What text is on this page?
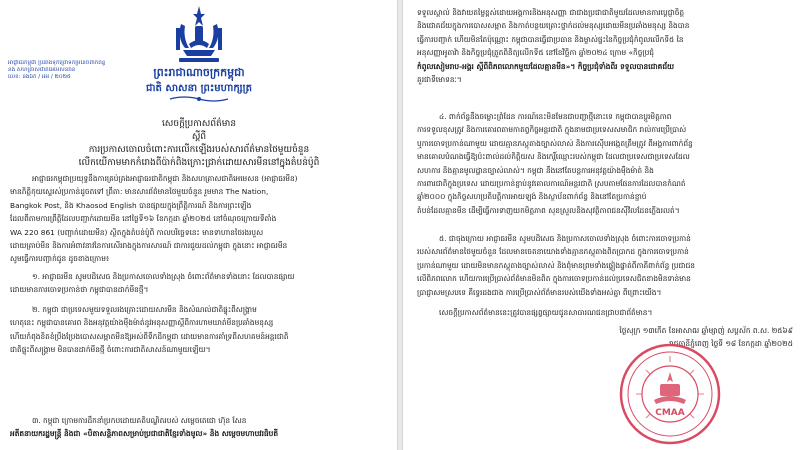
ព្រះរាជាណាចក្រកម្ពុជា
ជាតិ សាសនា ព្រះមហាក្សត្រ
អាជ្ញាធរកម្ពុជា ប្រឆាំងទុកព្រោទកម្រំនៃចំពាក់ព័ន្ធ
និង សហគ្រាសជាតិអេមេសនរាន
លេខ: និងឯក / អអ / ២០២៥
សេចក្តីប្រកាសព័ត៌មាន
ស្តីពី
ការប្រកាសចោលចំពោះការលើកឡើងរបស់សារព័ត៌មានថៃមួយចំនួន
លើកយើកាមមាកកំរោងពីប៉ាក់ពិងក្រោះជ្រាក់ដោយសារមីននៅក្នុងតំបន់ប៉ូពិ
អាជ្ញាធរកម្ពុជាប្រយុទ្ធនឹងការគ្រប់គ្រងអាជ្ញាធរជាតិកម្ពុជា និងសហគ្រាសជាតិអេមេសន (អាជ្ញាធរមីន)
មានភិត្តិកុយស្ទេរស់ប្រកាន់ដូចតទៅ ព្រឹតា: មានសារព័ត៌មានថៃមួយចំនួន រួមមាន The Nation,
Bangkok Post, និង Khaosod English បានផ្សាយក្នុងព្រឹត្តិការណ៍ និងការព្រះឡើង
ដែលពីតាមការព្រឹត្តិដែលបញ្ជាក់ដោយមីន នៅថ្ងៃទី១៦ ខែកក្កដា ឆ្នាំ២០២៥ នៅចំណុចក្រោយទីតាំង
WA 220 861 (បញ្ជាក់ដោយមីន) ស្ថិតក្នុងតំបន់ប៉ូពិ កាលបរិច្ឆេទនេះ មានទាហានថៃរងរបួស
ដោយគ្រាប់មីន និងការអំពាវនាវនៃការសើររាងក្នុងការសារណ៍ ជាការជួយដល់កម្ពុជា ក្នុងនោះ អាជ្ញាធរមីន
សូមធ្វើការបញ្ជាក់ជូន ដូចខាងក្រោម៖
១. អាជ្ញាធរមីន សូមបដិសេធ និងប្រកាសចោលទាំងស្រុង ចំពោះព័ត៌មានទាំងនោះ ដែលបានផ្សាយ
ដោយមានការចោទប្រកាន់ថា កម្ពុជាបានដាក់មីនថ្មី។
២. កម្ពុជា ជាប្រទេសមួយទទួលរងគ្រោះដោយសារមីន និងសំណល់ជាតិផ្ទុះពីសង្គ្រាម
ហេតុនេះ កម្ពុជាបានគោរព និងអនុវត្តយ៉ាងម៉ឺងម៉ាត់នូវអនុសញ្ញាស្តីពីការហាមឃាត់មីនប្រឆាំងមនុស្ស
ហើយកំពុងខិតខំប្រឹងប្រែងបោសសម្អាតមីនឱ្យអស់ពីទឹកដីកម្ពុជា ដោយមានការគាំទ្រពីសហគមន៍អន្តរជាតិ
ជាតិផ្ទុះពីសង្គ្រាម មិនបានដាក់មីនថ្មី ចំពោះការជាតិសាសន៍ណាមួយឡើយ។
៣. កម្ពុជា ក្រោមការដឹកនាំប្រកបដោយគតិបណ្ឌិតរបស់ សម្តេចតេជោ ហ៊ុន សែន
អតីតនាយករដ្ឋមន្ត្រី និងជា «បិតាសន្តិភាពសម្រាប់ប្រជាជាតិខ្មែរទាំងមូល» និង សម្តេចមហាបវរធិបតី
ទទួលស្គាល់ និងវាយតម្លៃខ្ពស់ដោយអង្គការនិងអនុសញ្ញា ជាជាងប្រជាជាតិមួយដែលមានការប្តេជ្ញាចិត្ត
និងជោគជ័យក្នុងការបោសសម្អាត និងកាត់បន្ថយគ្រោះថ្នាក់ដល់មនុស្សដោយមីនប្រឆាំងមនុស្ស និងបាន
ធ្វើការបញ្ជាក់ ហើយមិនតែប៉ុណ្ណោះ កម្ពុជាបានធ្វើជាប្រធាន និងម្ចាស់ផ្ទះនៃកិច្ចប្រជុំកំពូលលើកទី៥ នៃ
អនុសញ្ញាអូតាវ៉ា និងកិច្ចប្រជុំត្រួតពិនិត្យលើកទី៥ នៅខែវិច្ឆិកា ឆ្នាំ២០២៤ ក្រោម «កិច្ចប្រជុំ
កំពូលសៀមរាប-អង្គរ ស្តីពីពិភពលោកមួយដែលគ្មានមីន»។ កិច្ចប្រជុំទាំងពីរ ទទួលបានជោគជ័យ
គួរជាទីមោទនៈ។
៤. ពាក់ព័ន្ធនឹងចម្លោះព្រំដែន ការណ៍នេះមិនមែនជាបញ្ហាថ្មីនោះទេ កម្ពុជាបានប្តូរមិត្តភាព
ការទទួលខុសត្រូវ និងការគោរពតាមកាតព្វកិច្ចអន្តរជាតិ ក្នុងនាមជាប្រទេសសមាជិក រាល់ការប្រើប្រាស់
ឬការចោទប្រកាន់ណាមួយ ដោយគ្មានភស្តុតាងច្បាស់លាស់ និងការស៊ើបអង្កេតត្រឹមត្រូវ ពីអង្គការពាក់ព័ន្ធ
មានគោលបំណងធ្វើឱ្យប៉ះពាល់ដល់កិត្តិយស និងកេរ្តិ៍ឈ្មោះរបស់កម្ពុជា ដែលជាប្រទេសជាប្រទេសដែល
សហការ និងគ្មានមូលដ្ឋានច្បាស់លាស់។ កម្ពុជា នឹងនៅតែបន្តការអនុវត្តយ៉ាងម៉ឺងម៉ាត់ និង
ការពារជាតិក្នុងប្រទេស ដោយប្រកាន់ខ្ជាប់នូវគោលការណ៍អន្តរជាតិ ស្របតាមផែនការដែលបានកំណត់
ឆ្នាំ២០០០ ក្នុងកិច្ចសហប្រតិបត្តិការអាយឡង់ និងស្ថាប័នពាក់ព័ន្ធ និងនៅតែប្រកាន់ខ្ជាប់
តំបន់ដែលគ្មានមីន ដើម្បីធ្វើការទាញយកមិត្តភាព សុខស្រួលនិងសុវត្ថិភាពជនស៊ីវិលដែនភ្លើងរលត់។
៥. ជាចុងក្រោយ អាជ្ញាធរមីន សូមបដិសេធ និងប្រកាសចោលទាំងស្រុង ចំពោះការចោទប្រកាន់
របស់សារព័ត៌មានថៃមួយចំនួន ដែលមានចេតនាយោងទាំងគ្មានភស្តុតាងពិតប្រាកដ ក្នុងការចោទប្រកាន់
ប្រកាន់ណាមួយ ដោយមិនមានភស្តុតាងច្បាស់លាស់ និងពុំមានព្រមទាំងផ្ទៀងផ្ទាត់ពីភាគីពាក់ព័ន្ធ ប្រជាជន
លើពិភពលោក ហើយការប្រើប្រាស់ព័ត៌មានមិនពិត ក្នុងការចោទប្រកាន់ដល់ប្រទេសជិតខាងមិនទាន់មាន
ប្រាជ្ញាសមស្របទេ គឺទ្វេរដងជាង ការប្រើប្រាស់ព័ត៌មានរបស់យើងទាំងអស់គ្នា ពីព្រោះយើង។
សេចក្តីប្រកាសព័ត៌មាននេះត្រូវបានផ្សព្វផ្សាយជូនសាធារណជនជ្រាបជាព័ត៌មាន។
ថ្ងៃសុក្រ ១៣កើត ខែអាសាឍ ឆ្នាំម្សាញ់ សប្តស័ក ព.ស. ២៥៦៩
រាជធានីភ្នំពេញ ថ្ងៃទី ១៨ ខែកក្កដា ឆ្នាំ២០២៥
CMAA
